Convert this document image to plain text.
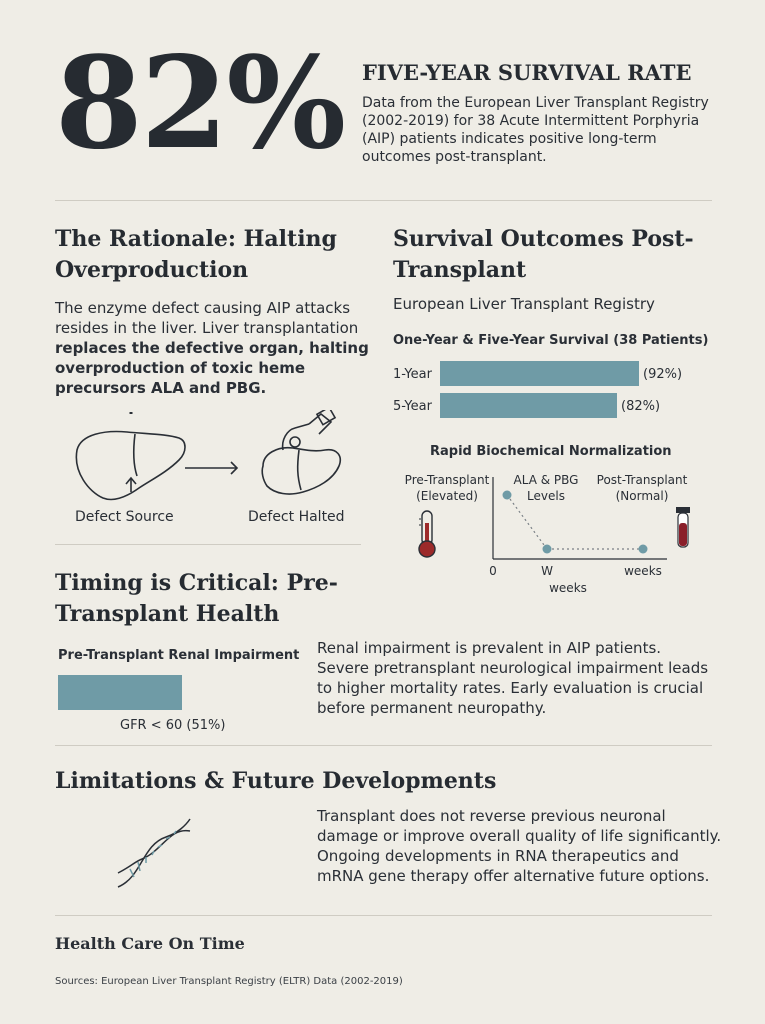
82% FIVE-YEAR SURVIVAL RATE
Data from the European Liver Transplant Registry (2002-2019) for 38 Acute Intermittent Porphyria (AIP) patients indicates positive long-term outcomes post-transplant.
The Rationale: Halting Overproduction
The enzyme defect causing AIP attacks resides in the liver. Liver transplantation replaces the defective organ, halting overproduction of toxic heme precursors ALA and PBG.
Defect Source	Defect Halted
Survival Outcomes Post-Transplant
European Liver Transplant Registry
One-Year & Five-Year Survival (38 Patients)
1-Year	(92%)
5-Year	(82%)
Rapid Biochemical Normalization
Pre-Transplant
(Elevated)
ALA & PBG
Levels
Post-Transplant
(Normal)
0	W	weeks
weeks
Timing is Critical: Pre-Transplant Health
Pre-Transplant Renal Impairment
GFR < 60 (51%)
Renal impairment is prevalent in AIP patients. Severe pretransplant neurological impairment leads to higher mortality rates. Early evaluation is crucial before permanent neuropathy.
Limitations & Future Developments
Transplant does not reverse previous neuronal damage or improve overall quality of life significantly. Ongoing developments in RNA therapeutics and mRNA gene therapy offer alternative future options.
Health Care On Time
Sources: European Liver Transplant Registry (ELTR) Data (2002-2019)
